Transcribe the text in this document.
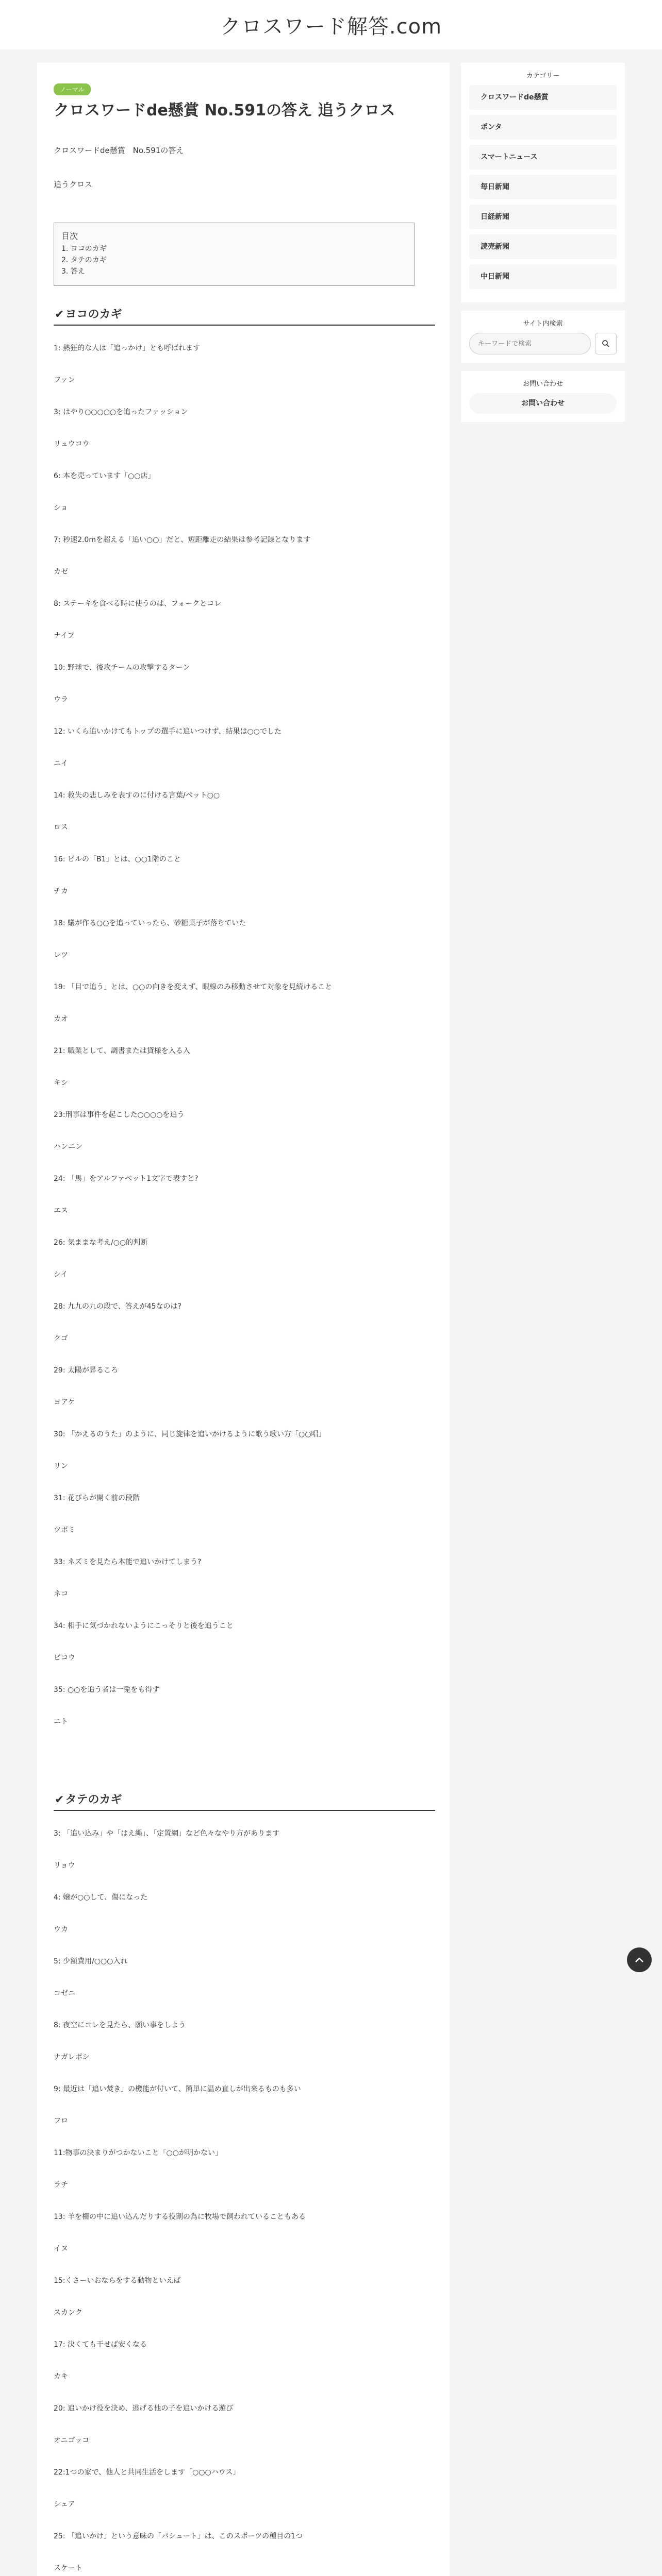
クロスワード解答.com
ノーマル
クロスワードde懸賞 No.591の答え 追うクロス

クロスワードde懸賞　No.591の答え

追うクロス

目次
1. ヨコのカギ
2. タテのカギ
3. 答え
✔ヨコのカギ
1: 熱狂的な人は「追っかけ」とも呼ばれます
ファン
3: はやり○○○○○を追ったファッション
リュウコウ
6: 本を売っています「○○店」
ショ
7: 秒速2.0mを超える「追い○○」だと、短距離走の結果は参考記録となります
カゼ
8: ステーキを食べる時に使うのは、フォークとコレ
ナイフ
10: 野球で、後攻チームの攻撃するターン
ウラ
12: いくら追いかけてもトップの選手に追いつけず、結果は○○でした
ニイ
14: 救失の悲しみを表すのに付ける言葉/ペット○○
ロス
16: ビルの「B1」とは、○○1階のこと
チカ
18: 蟻が作る○○を追っていったら、砂糖菓子が落ちていた
レツ
19: 「目で追う」とは、○○の向きを変えず、眼線のみ移動させて対象を見続けること
カオ
21: 職業として、調書または貸様を入る入
キシ
23:刑事は事件を起こした○○○○を追う
ハンニン
24: 「馬」をアルファベット1文字で表すと?
エス
26: 気ままな考え/○○的判断
シイ
28: 九九の九の段で、答えが45なのは?
クゴ
29: 太陽が昇るころ
ヨアケ
30: 「かえるのうた」のように、同じ旋律を追いかけるように歌う歌い方「○○唱」
リン
31: 花びらが開く前の段階
ツボミ
33: ネズミを見たら本能で追いかけてしまう?
ネコ
34: 相手に気づかれないようにこっそりと後を追うこと
ビコウ
35: ○○を追う者は一兎をも得ず
ニト
✔タテのカギ
3: 「追い込み」や「はえ縄」、「定置網」など色々なやり方があります
リョウ
4: 嬢が○○して、傷になった
ウカ
5: 少額費用/○○○入れ
コゼニ
8: 夜空にコレを見たら、願い事をしよう
ナガレボシ
9: 最近は「追い焚き」の機能が付いて、簡単に温め直しが出来るものも多い
フロ
11:物事の決まりがつかないこと「○○が明かない」
ラチ
13: 羊を柵の中に追い込んだりする役割の為に牧場で飼われていることもある
イヌ
15:くさーいおならをする動物といえば
スカンク
17: 決くても干せば安くなる
カキ
20: 追いかけ役を決め、逃げる他の子を追いかける遊び
オニゴッコ
22:1つの家で、他人と共同生活をします「○○○ハウス」
シェア
25: 「追いかけ」という意味の「パシュート」は、このスポーツの種目の1つ
スケート

カテゴリー
クロスワードde懸賞
ポンタ
スマートニュース
毎日新聞
日経新聞
読売新聞
中日新聞
サイト内検索
キーワードで検索
お問い合わせ
お問い合わせ
